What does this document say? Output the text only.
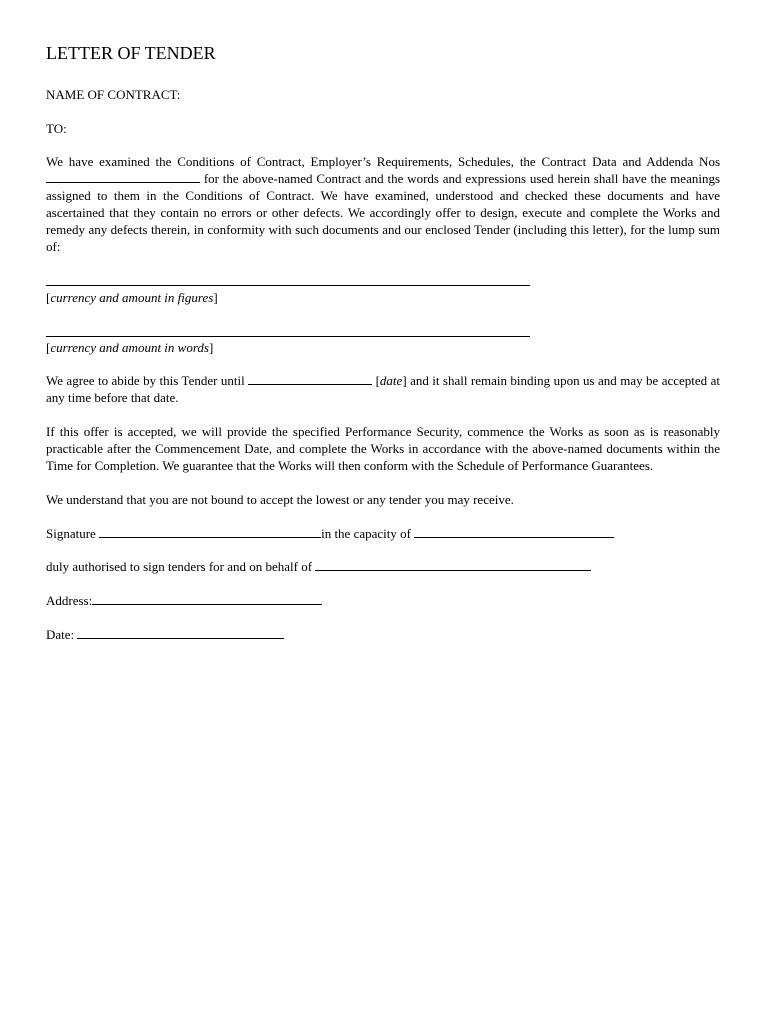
LETTER OF TENDER
NAME OF CONTRACT:
TO:

We have examined the Conditions of Contract, Employer’s Requirements, Schedules, the Contract Data and Addenda Nos  for the above-named Contract and the words and expressions used herein shall have the meanings assigned to them in the Conditions of Contract. We have examined, understood and checked these documents and have ascertained that they contain no errors or other defects. We accordingly offer to design, execute and complete the Works and remedy any defects therein, in conformity with such documents and our enclosed Tender (including this letter), for the lump sum of:

[currency and amount in figures]
[currency and amount in words]

We agree to abide by this Tender until	[date] and it shall remain binding upon us and may be accepted at any time before that date.

If this offer is accepted, we will provide the specified Performance Security, commence the Works as soon as is reasonably practicable after the Commencement Date, and complete the Works in accordance with the above-named documents within the Time for Completion. We guarantee that the Works will then conform with the Schedule of Performance Guarantees.

We understand that you are not bound to accept the lowest or any tender you may receive.

Signature	in the capacity of
duly authorised to sign tenders for and on behalf of
Address:
Date:
